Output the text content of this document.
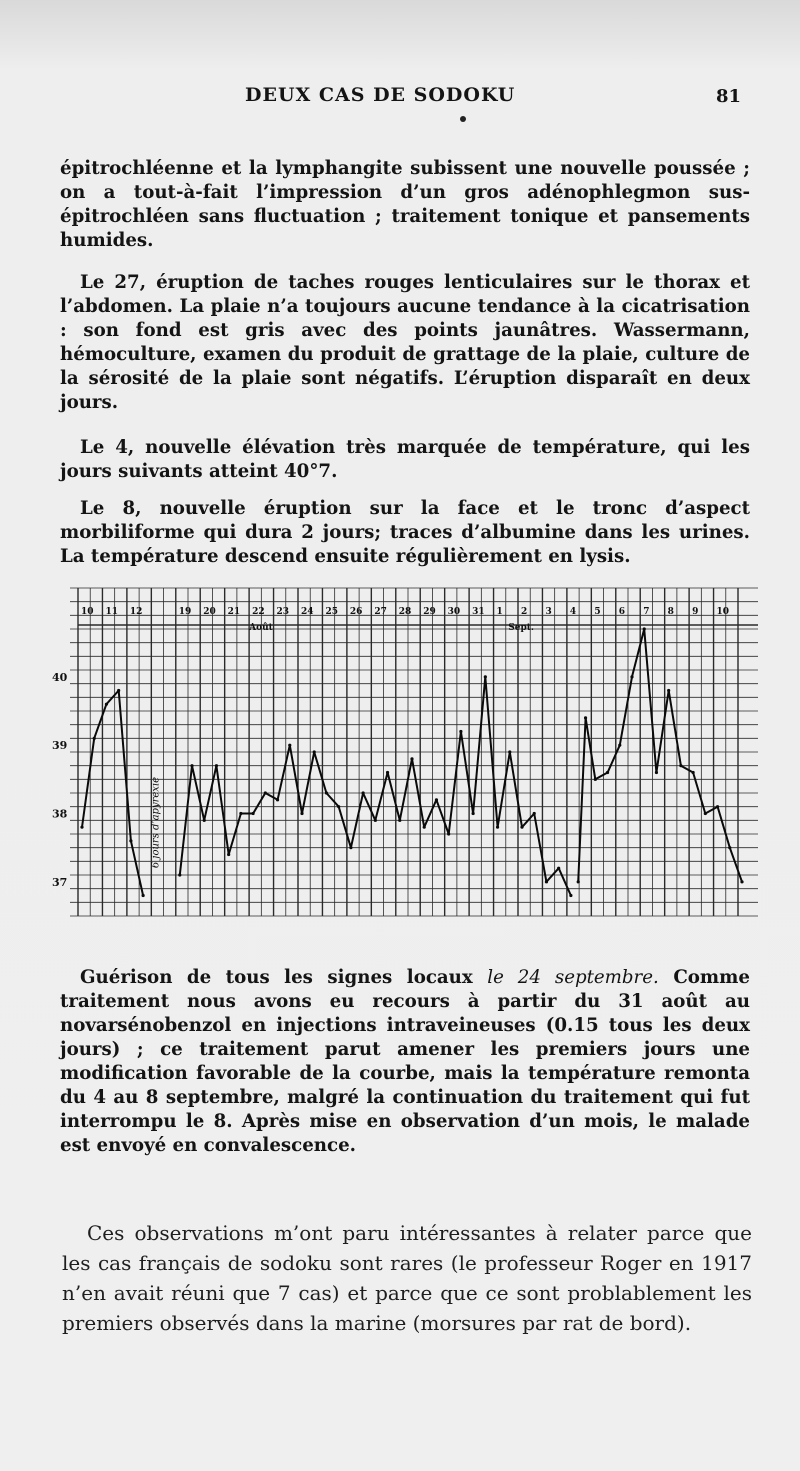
DEUX CAS DE SODOKU	81

épitrochléenne et la lymphangite subissent une nouvelle poussée ; on a tout-à-fait l’impression d’un gros adénophlegmon sus-épitrochléen sans fluctuation ; traitement tonique et pansements humides.

Le 27, éruption de taches rouges lenticulaires sur le thorax et l’abdomen. La plaie n’a toujours aucune tendance à la cicatrisation : son fond est gris avec des points jaunâtres. Wassermann, hémoculture, examen du produit de grattage de la plaie, culture de la sérosité de la plaie sont négatifs. L’éruption disparaît en deux jours.

Le 4, nouvelle élévation très marquée de température, qui les jours suivants atteint 40°7.

Le 8, nouvelle éruption sur la face et le tronc d’aspect morbiliforme qui dura 2 jours; traces d’albumine dans les urines. La température descend ensuite régulièrement en lysis.

40
39
38
37
10 11 12	19 20 21 22 23 24 25 26 27 28 29 30 31 1 2 3 4 5 6 7 8 9 10
Août	Sept.
6 jours d’apyrexie

Guérison de tous les signes locaux le 24 septembre. Comme traitement nous avons eu recours à partir du 31 août au novarsénobenzol en injections intraveineuses (0.15 tous les deux jours) ; ce traitement parut amener les premiers jours une modification favorable de la courbe, mais la température remonta du 4 au 8 septembre, malgré la continuation du traitement qui fut interrompu le 8. Après mise en observation d’un mois, le malade est envoyé en convalescence.

Ces observations m’ont paru intéressantes à relater parce que les cas français de sodoku sont rares (le professeur Roger en 1917 n’en avait réuni que 7 cas) et parce que ce sont problablement les premiers observés dans la marine (morsures par rat de bord).
